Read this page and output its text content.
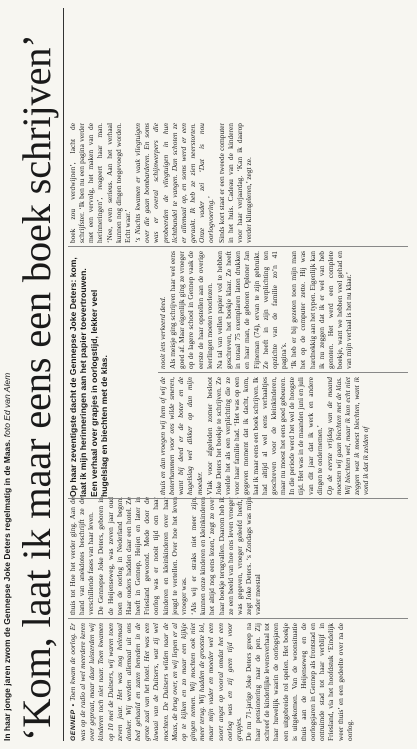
In haar jonge jaren zwom de Gennepse Joke Deters regelmatig in de Maas. foto Ed van Alem ‘Kom, laat ik maar eens een boek schrijven’ GENNEP • Toen kwam de oorlog. Er was op de radio al wel meerdere keren over gepraat, maar daar luisterden wij kinderen toch niet naar. Toen kwamen op 10 mei de Duitsers, wij waren toen zeven jaar. Het was nog helemaal donker. Wij werden allemaal uit ons bed gehaald en zaten beneden in de grote zaal van het hotel. Het was een lawaai van de Duitsers, wat zij wel mochten. De Duitsers wilden naar de Maas, de brug over, en wij liepen er al op te kijken en zo maar een kijkje gingen nemen. Wij mochten ook niet meer terug. Wij hadden de grootste lol, maar mijn vader en moeder wel een soort angst op vooral omdat het een oorlog was en zij geen tijd voor grapjes. De nu 71-jarige Joke Deters greep na haar pensionering naar de pen. Zij schreef de kinderlijke levensverhaal tot haar huwelijk waarin de oorlogsjaren een uitgebreide rol spelen. Het boekje is uitgekomen. Van de woonsituatie thuis aan de Heijenseweg en de oorlogsjaren in Gennep als frontstad en ontruimde stad tot haar verblijf in Friesland, via het hoofdstuk ‘Eindelijk weer thuis’ en een gedeelte over na de oorlog.

thuis tot Hoe het verder ging. Aan de hand van anekdotes beschrijft ze de verschillende fases van haar leven. De Gennepse Joke Deters, geboren in de Heijenseweg, was zeven jaar oud toen de oorlog in Nederland begon. Haar ouders hadden daar een hotel. Ze heeft in Gennep, Heijen en later in Friesland gewoond. Mede door de oorlog was er nooit tijd om haar kinderen en kleinkinderen over haar jeugd te vertellen. Over hoe het leven vroeger was. ‘Als wij er straks niet meer zijn, kunnen onze kinderen en kleinkinderen het altijd nog eens lezen,’ zegt ze over haar boekje terugvallen. Daarom heb ik ze een beeld van hoe ons leven vroeger was gegeven, vroeger geleefd heeft,’ zegt Joke Deters. ‘s Zondags was mijn vader meestal

Op haar zeventigste dacht de Gennepse Joke Deters: kom, laat ik mijn herinneringen aan het papier toevertrouwen. Een verhaal over grapjes in oorlogstijd, lekker veel hugelslag en biechten met de klas.	thuis en dan vroegen wij hem of wij de boterhammen voor ons wilde smeren, want bij deed er de boter en de hagelslag wel dikker op dan mijn moeder. Vlak voor afgeleden zomer besloot Joke Deters het boekje te schrijven. Ze voelde het als een verplichting die ze voor haar familie had. ‘Het was op een gegeven moment dat ik dacht, kom, laat ik maar eens een boek schrijven. Ik had altijd al wel eens verhaaltjes geschreven voor de kleinkinderen, maar nu moest het eens goed gebeuren. In die periode werd het wel de hoogste tijd. Het was in de maanden juni en juli van dit jaar dat ik werk en andere dingen te ondernemen.’ Op de eerste vrijdag van de maand moesten wij gaan biechten met de klas. Wij biechten wel, maar ik kon echt niet zeggen wat ik moest biechten, want ik vond ik dat ik zelden of

nooit iets verkeerd deed. Als meisje ging schrijven haar wel eens goed af. Maar eigenlijk ging ze vroeger op de lagere school in Gennep vaak de eerste de haar opstellen aan de overige leerlingen moeten voorlezen. Na tal van vellen papier vol te hebben geschreven, het boekje klaar. Ze heeft in totaal 75 exemplaren laten drukken en haar man, de geboren Oploner Jan Fijneman (74), ervan te zijn gebruikt. Ze heeft in zijn verplichting ten opzichte van de familie zo’n 41 pagina’s. ‘Ik heb er bij gezeten toen mijn man het op de computer zette. Hij was hardnekkig aan het typen. Eigenlijk kan ik nu zeggen dat ik er wel van heb genoten. Het werd een complete boekje, want we hebben veel gehad en van mijn verhaal is het nu klaar.’

boek zou verdwijnen’, lacht de schrijfster. ‘Ik ben nu een pagina verder met een vervolg, het maken van de herinneringen’, reageert haar man. ‘Nee, even serieus. Aan het verhaal kunnen nog dingen toegevoegd worden. Echt waar.’ ‘s Nachts kwamen er vaak vliegtuigen over die gaan bombarderen. En soms was er overal schijnwerpers die probeerden de vliegtuigen in hun lichtbundel te vangen. Dan schoten ze er allemaal op, en soms werd er een geraakt. Ik heb ze zien neerstorten. Onze vader zei ‘Dat is nou oorlogvoering.’ Sinds kort staat er een tweede computer in het huis. Cadeau van de kinderen voor haar verjaardag. ‘Kan ik daarop verder kliungeleren,’ zegt ze.
